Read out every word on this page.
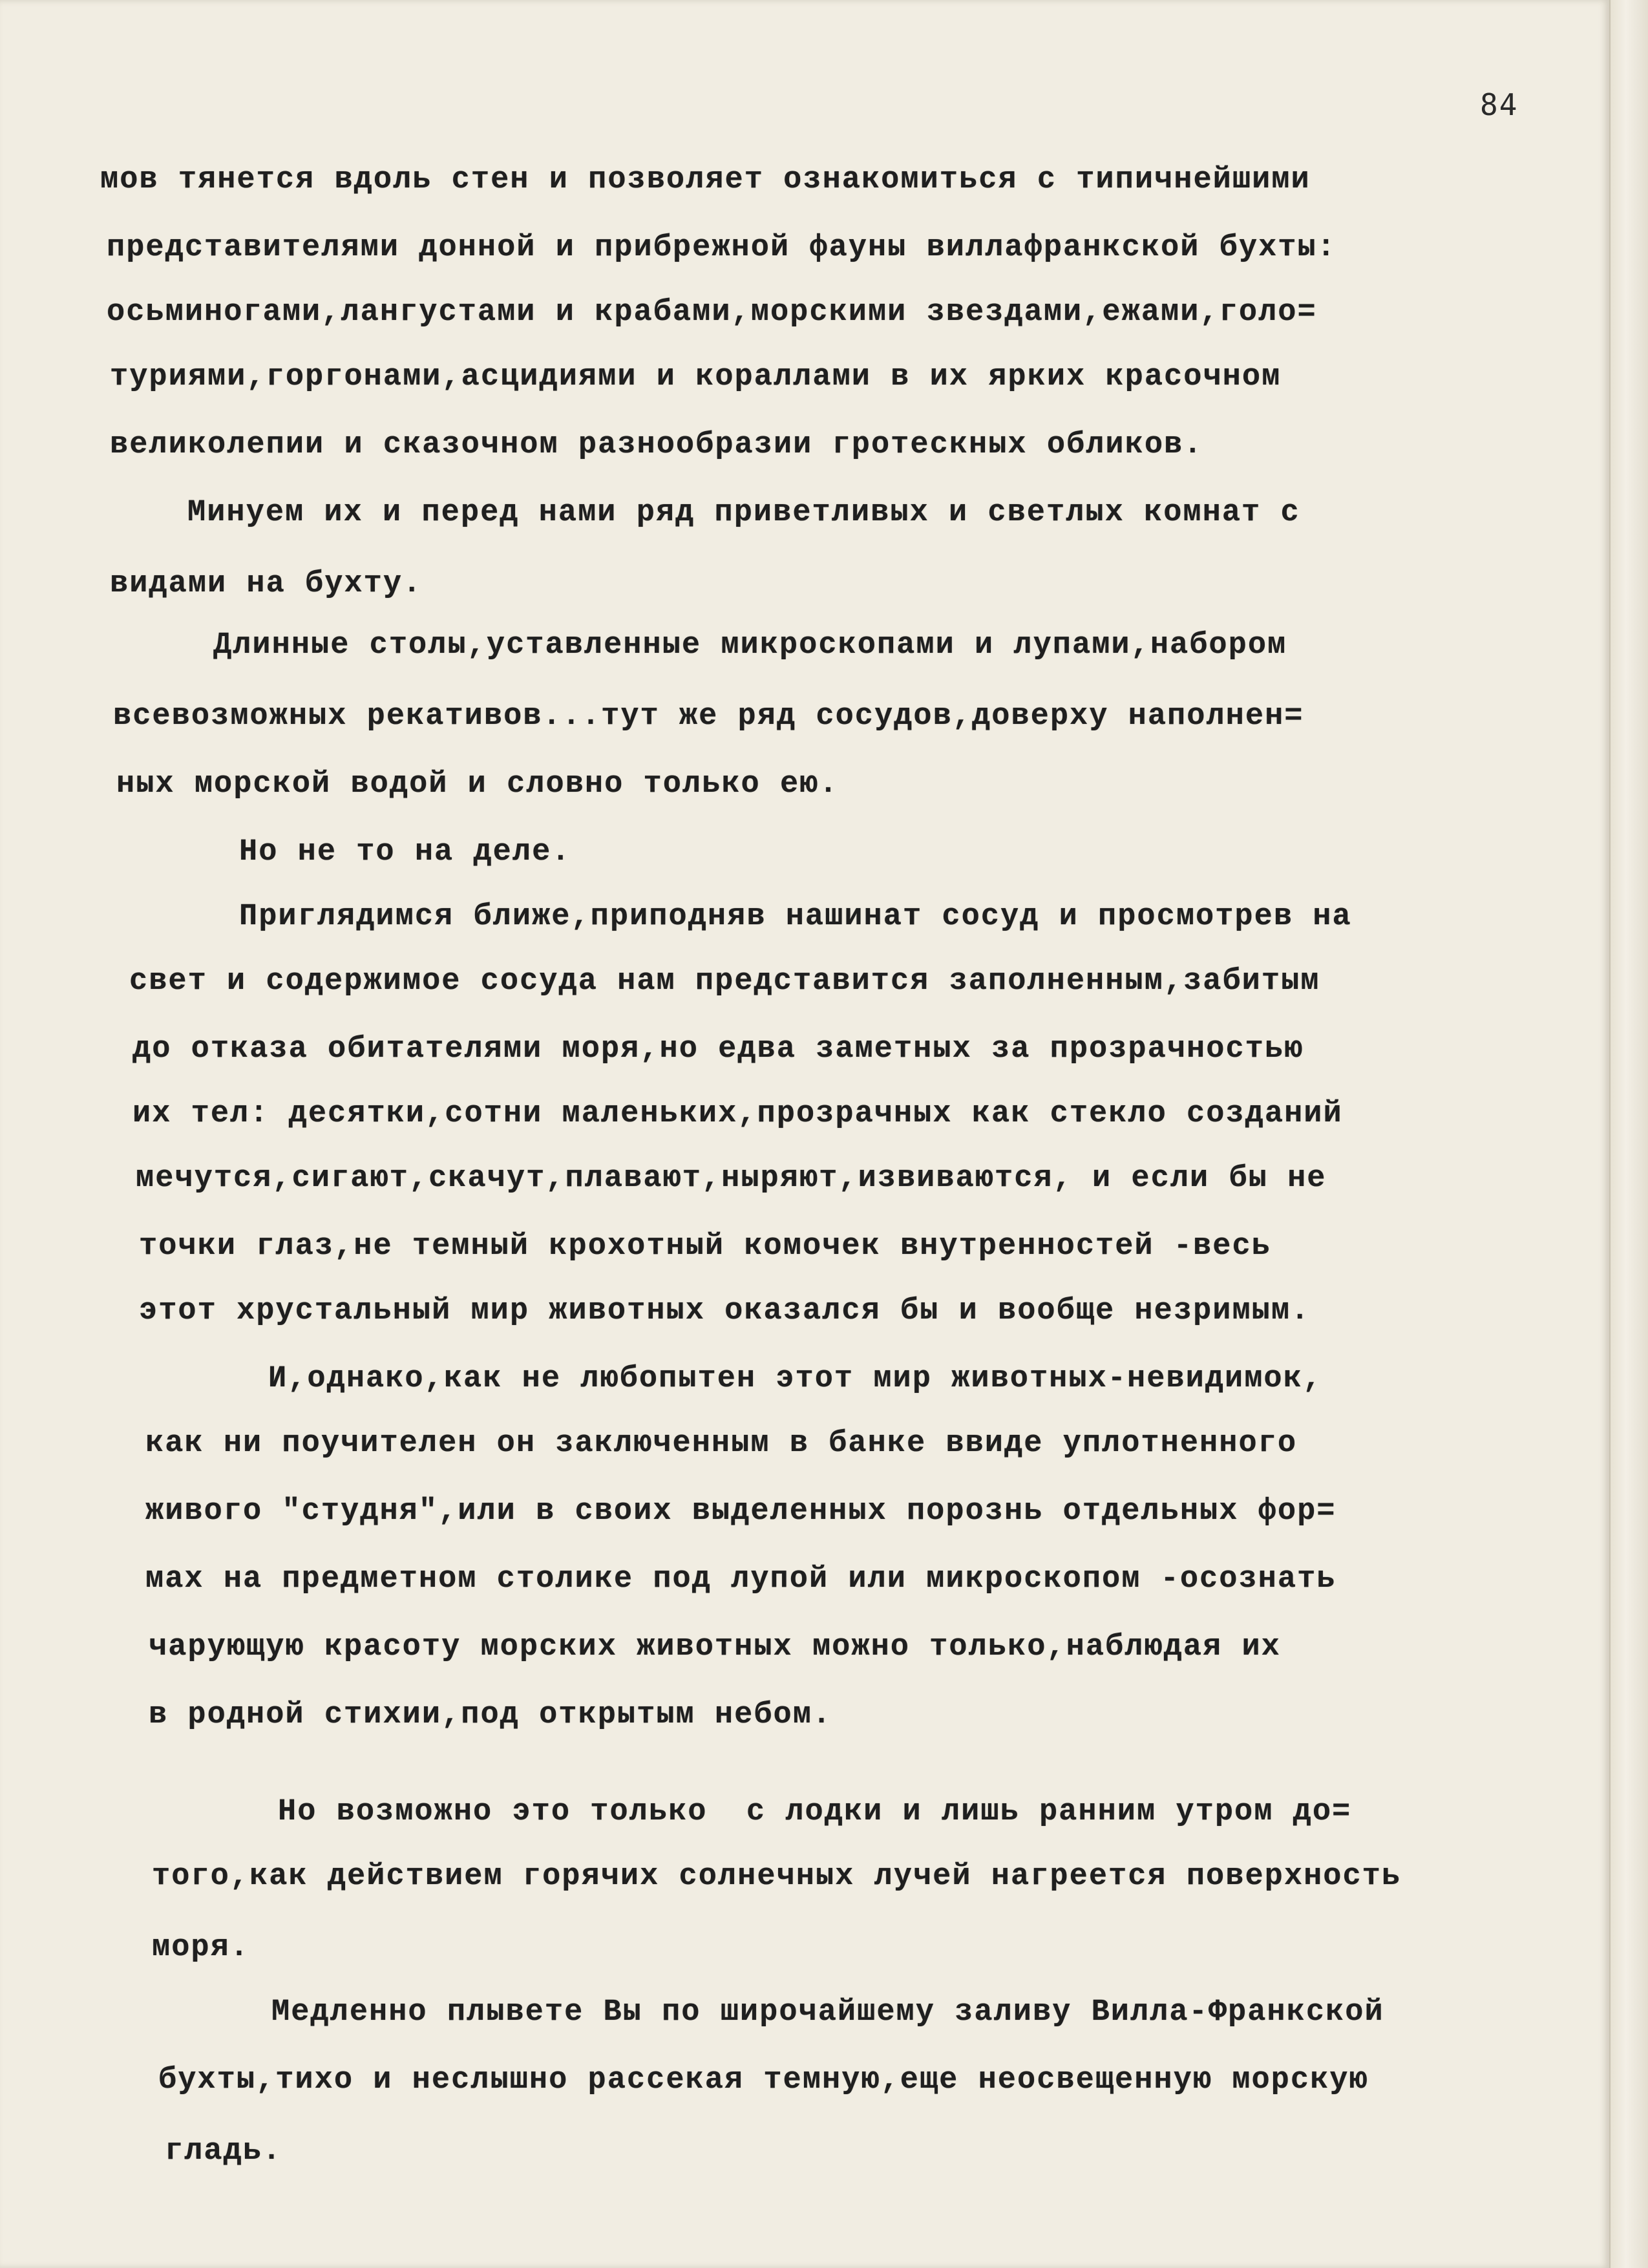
84
мов тянется вдоль стен и позволяет ознакомиться с типичнейшими
представителями донной и прибрежной фауны виллафранкской бухты:
осьминогами,лангустами и крабами,морскими звездами,ежами,голо=
туриями,горгонами,асцидиями и кораллами в их ярких красочном
великолепии и сказочном разнообразии гротескных обликов.
Минуем их и перед нами ряд приветливых и светлых комнат с
видами на бухту.
Длинные столы,уставленные микроскопами и лупами,набором
всевозможных рекативов...тут же ряд сосудов,доверху наполнен=
ных морской водой и словно только ею.
Но не то на деле.
Приглядимся ближе,приподняв нашинат сосуд и просмотрев на
свет и содержимое сосуда нам представится заполненным,забитым
до отказа обитателями моря,но едва заметных за прозрачностью
их тел: десятки,сотни маленьких,прозрачных как стекло созданий
мечутся,сигают,скачут,плавают,ныряют,извиваются, и если бы не
точки глаз,не темный крохотный комочек внутренностей -весь
этот хрустальный мир животных оказался бы и вообще незримым.
И,однако,как не любопытен этот мир животных-невидимок,
как ни поучителен он заключенным в банке ввиде уплотненного
живого "студня",или в своих выделенных порознь отдельных фор=
мах на предметном столике под лупой или микроскопом -осознать
чарующую красоту морских животных можно только,наблюдая их
в родной стихии,под открытым небом.
Но возможно это только  с лодки и лишь ранним утром до=
того,как действием горячих солнечных лучей нагреется поверхность
моря.
Медленно плывете Вы по широчайшему заливу Вилла-Франкской
бухты,тихо и неслышно рассекая темную,еще неосвещенную морскую
гладь.
